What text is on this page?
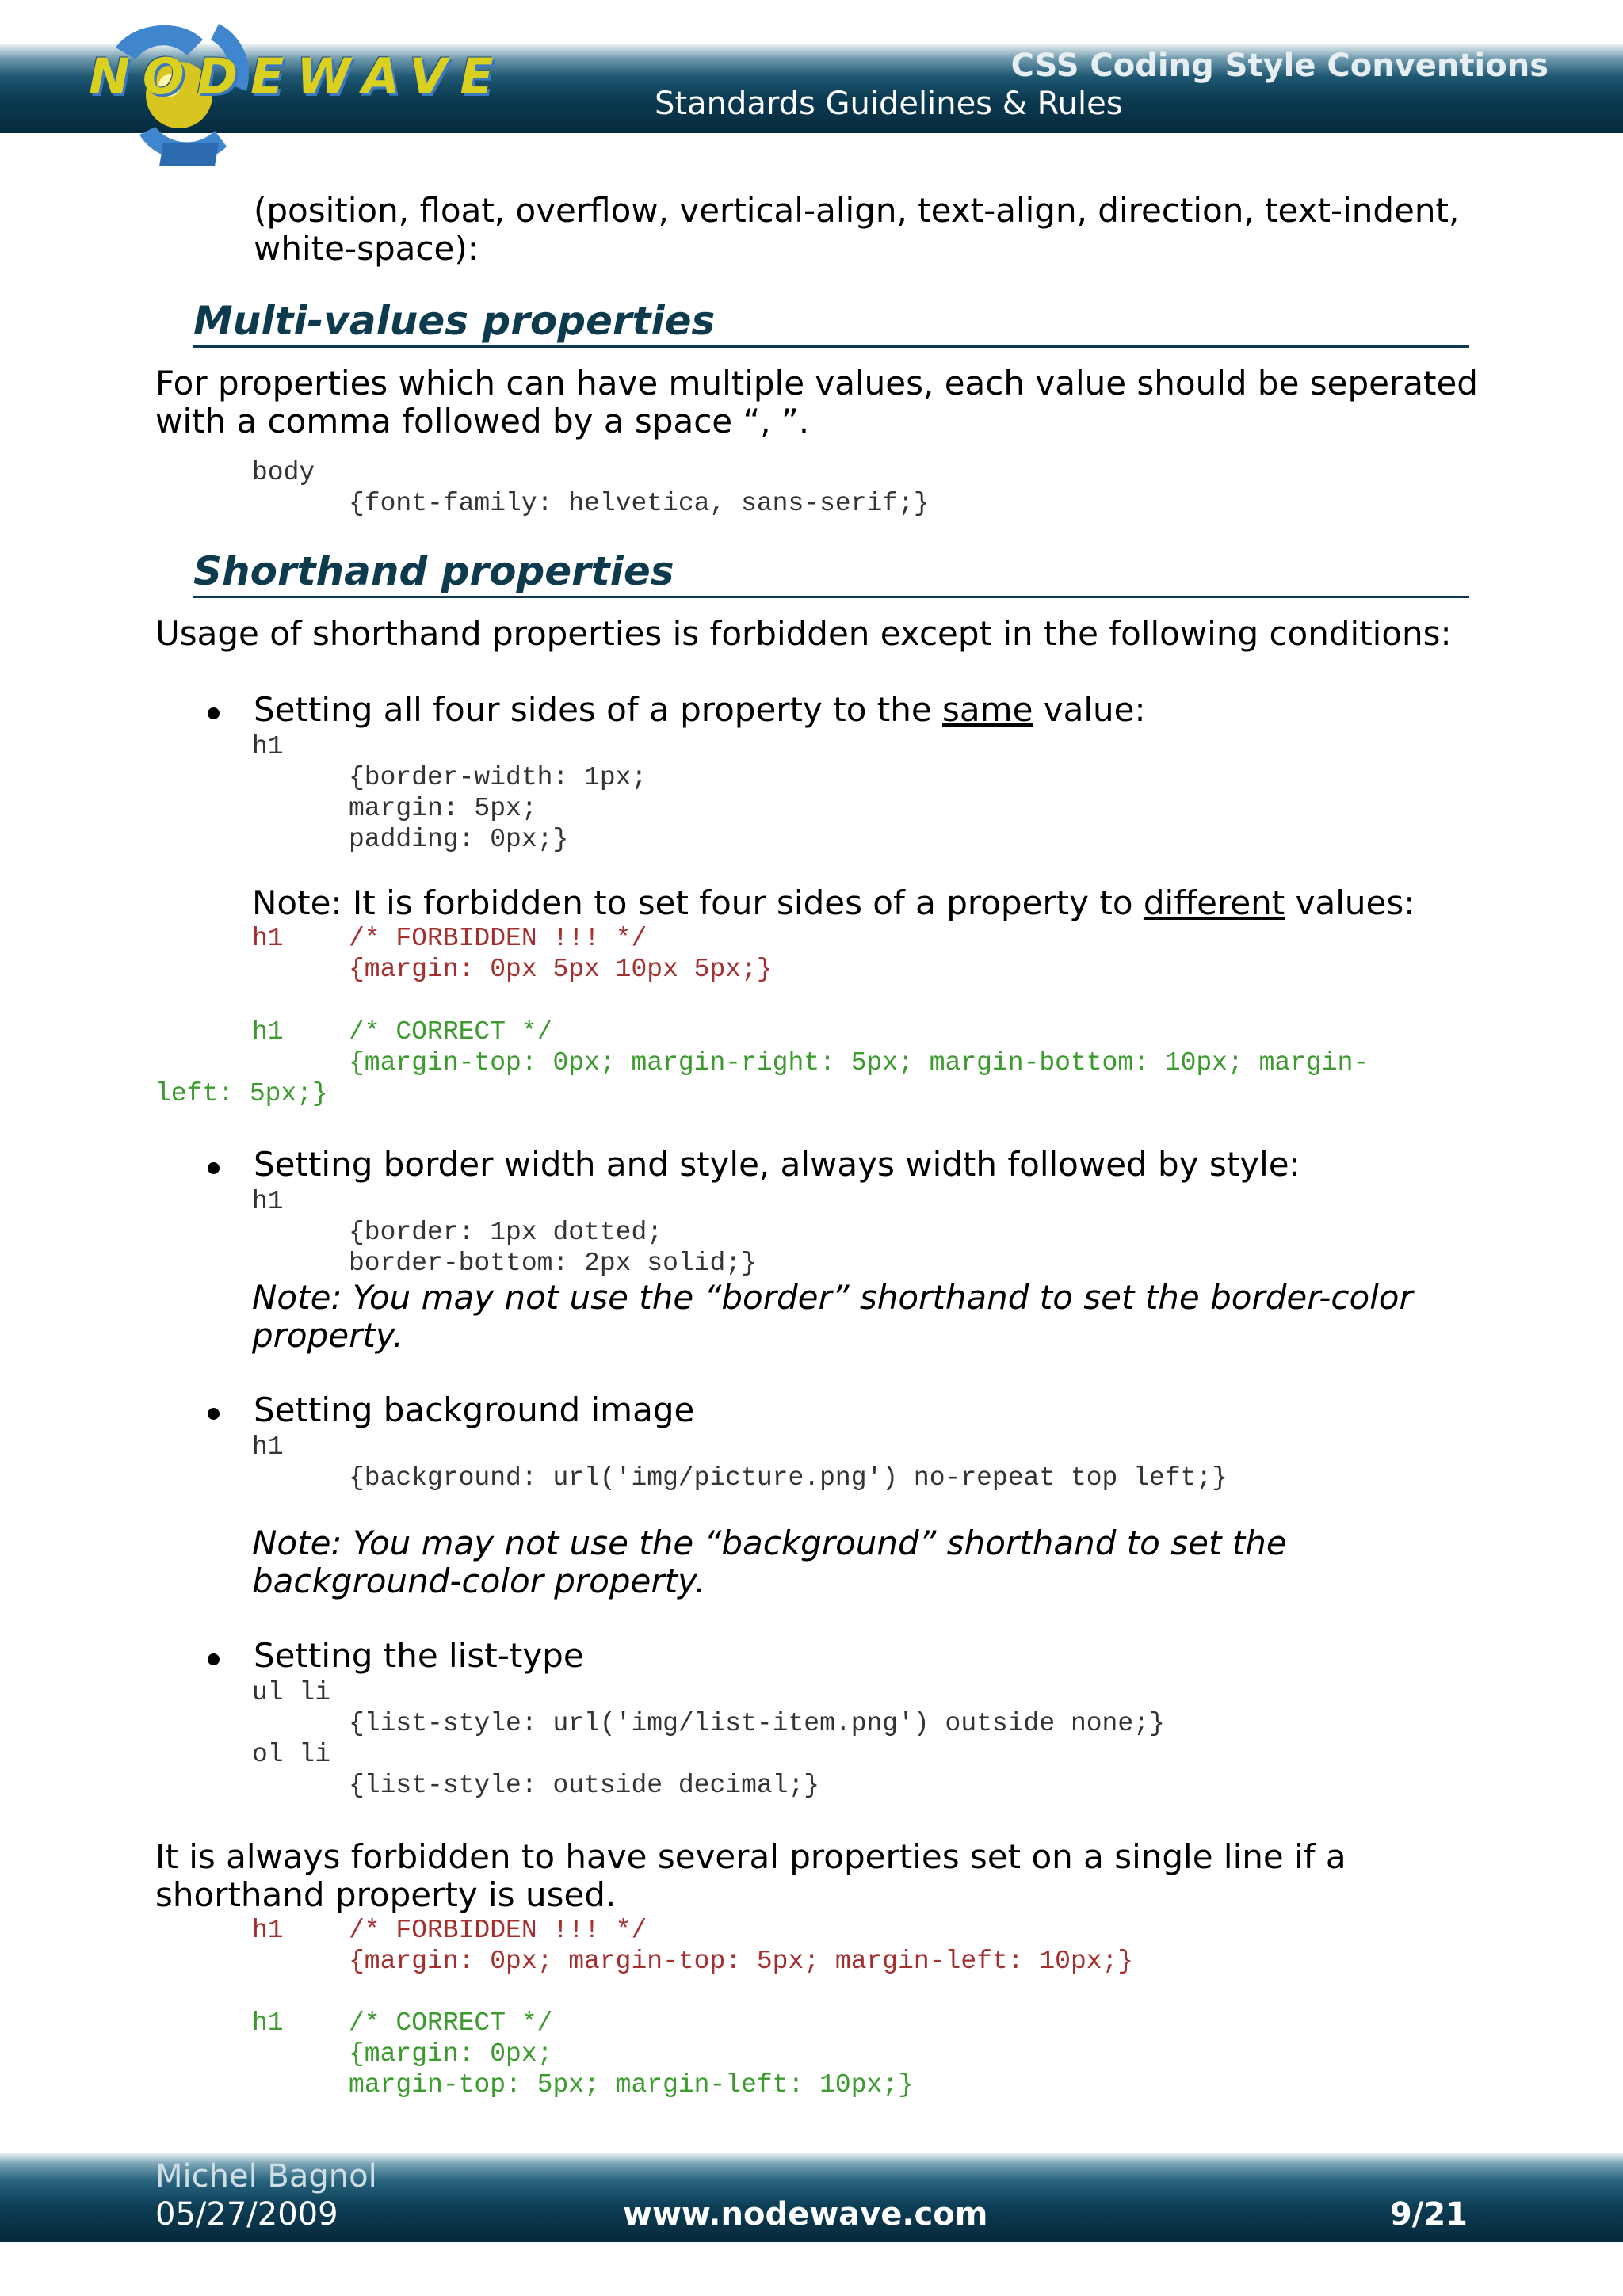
NODEWAVE	CSS Coding Style Conventions
Standards Guidelines & Rules
(position, float, overflow, vertical-align, text-align, direction, text-indent,
white-space):
Multi-values properties
For properties which can have multiple values, each value should be seperated
with a comma followed by a space “, ”.
body
{font-family: helvetica, sans-serif;}
Shorthand properties
Usage of shorthand properties is forbidden except in the following conditions:
Setting all four sides of a property to the same value:
h1
{border-width: 1px;
margin: 5px;
padding: 0px;}
Note: It is forbidden to set four sides of a property to different values:
h1 /* FORBIDDEN !!! */
{margin: 0px 5px 10px 5px;}
h1 /* CORRECT */
{margin-top: 0px; margin-right: 5px; margin-bottom: 10px; margin-
left: 5px;}
Setting border width and style, always width followed by style:
h1
{border: 1px dotted;
border-bottom: 2px solid;}
Note: You may not use the “border” shorthand to set the border-color
property.
Setting background image
h1
{background: url('img/picture.png') no-repeat top left;}
Note: You may not use the “background” shorthand to set the
background-color property.
Setting the list-type
ul li
{list-style: url('img/list-item.png') outside none;}
ol li
{list-style: outside decimal;}
It is always forbidden to have several properties set on a single line if a
shorthand property is used.
h1 /* FORBIDDEN !!! */
{margin: 0px; margin-top: 5px; margin-left: 10px;}
h1 /* CORRECT */
{margin: 0px;
margin-top: 5px; margin-left: 10px;}
Michel Bagnol
05/27/2009	www.nodewave.com	9/21
